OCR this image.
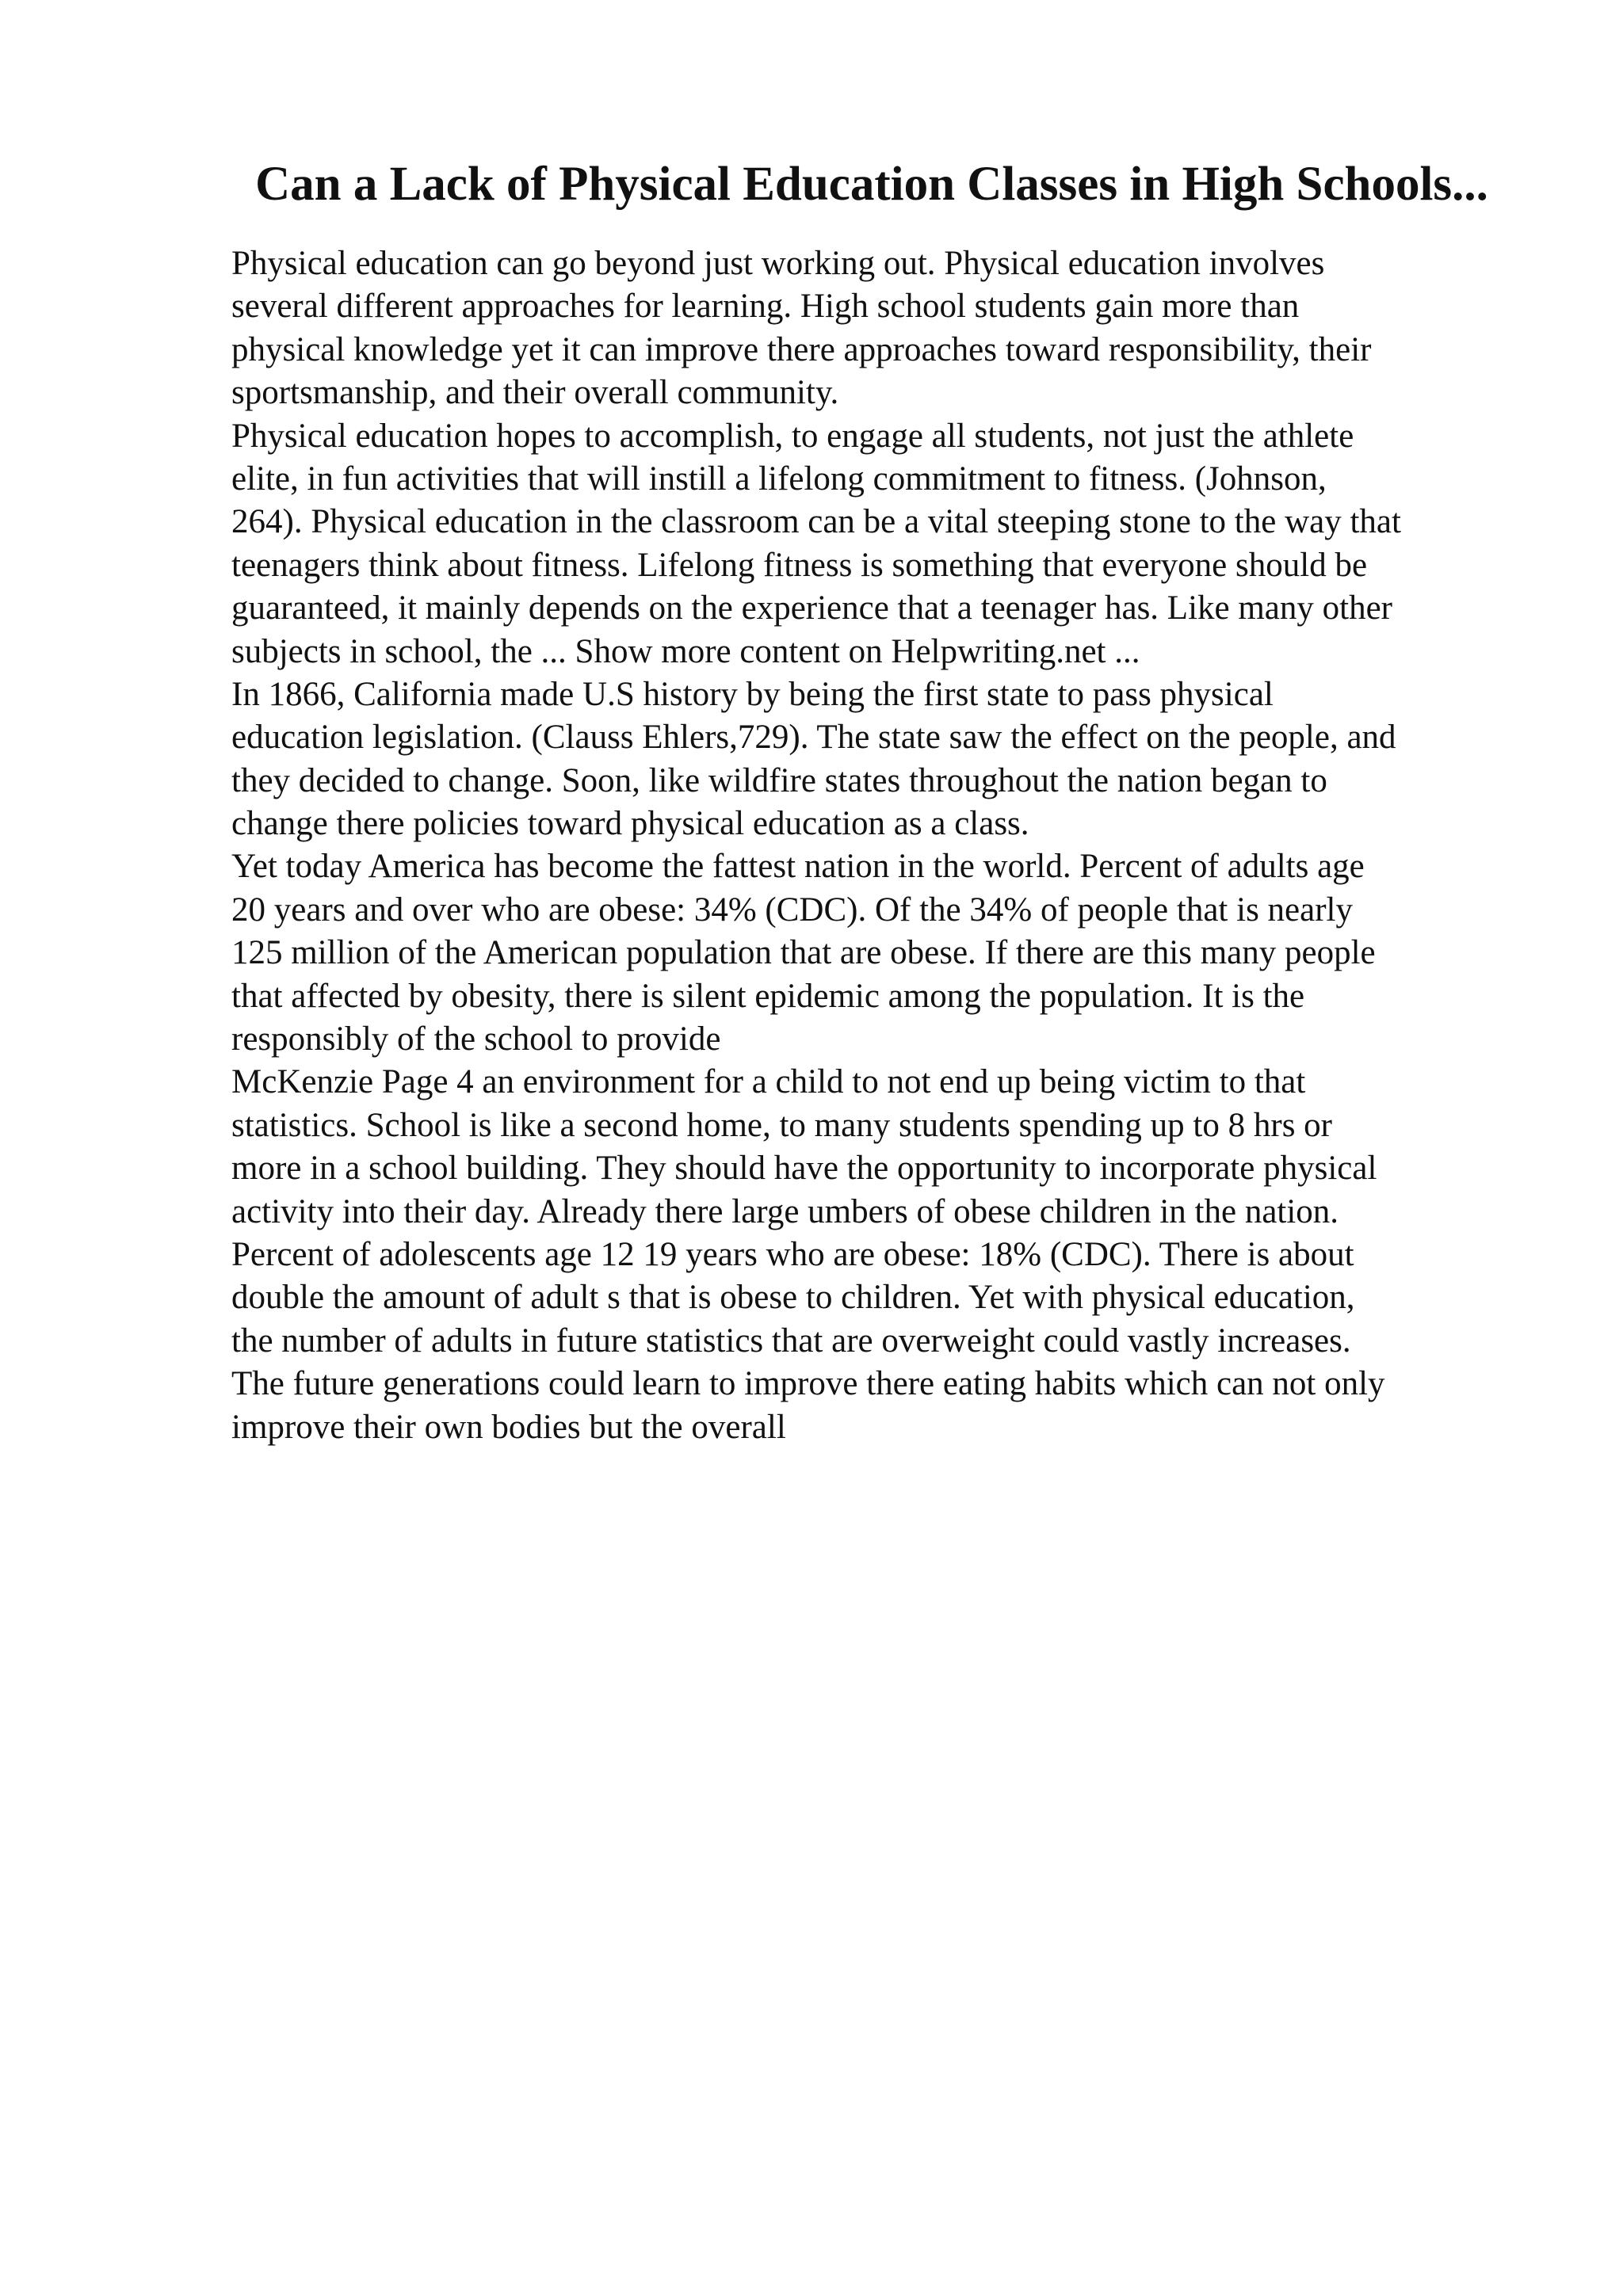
Can a Lack of Physical Education Classes in High Schools...
Physical education can go beyond just working out. Physical education involves
several different approaches for learning. High school students gain more than
physical knowledge yet it can improve there approaches toward responsibility, their
sportsmanship, and their overall community.
Physical education hopes to accomplish, to engage all students, not just the athlete
elite, in fun activities that will instill a lifelong commitment to fitness. (Johnson,
264). Physical education in the classroom can be a vital steeping stone to the way that
teenagers think about fitness. Lifelong fitness is something that everyone should be
guaranteed, it mainly depends on the experience that a teenager has. Like many other
subjects in school, the ... Show more content on Helpwriting.net ...
In 1866, California made U.S history by being the first state to pass physical
education legislation. (Clauss Ehlers,729). The state saw the effect on the people, and
they decided to change. Soon, like wildfire states throughout the nation began to
change there policies toward physical education as a class.
Yet today America has become the fattest nation in the world. Percent of adults age
20 years and over who are obese: 34% (CDC). Of the 34% of people that is nearly
125 million of the American population that are obese. If there are this many people
that affected by obesity, there is silent epidemic among the population. It is the
responsibly of the school to provide
McKenzie Page 4 an environment for a child to not end up being victim to that
statistics. School is like a second home, to many students spending up to 8 hrs or
more in a school building. They should have the opportunity to incorporate physical
activity into their day. Already there large umbers of obese children in the nation.
Percent of adolescents age 12 19 years who are obese: 18% (CDC). There is about
double the amount of adult s that is obese to children. Yet with physical education,
the number of adults in future statistics that are overweight could vastly increases.
The future generations could learn to improve there eating habits which can not only
improve their own bodies but the overall
